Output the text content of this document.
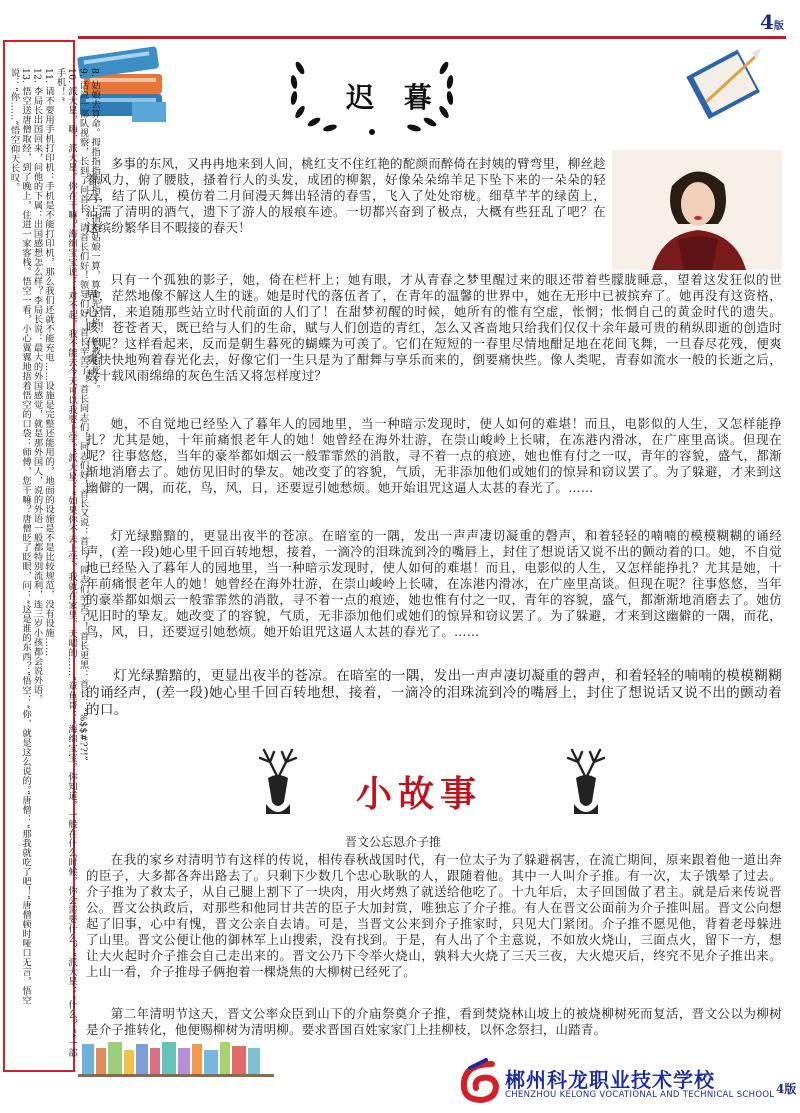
4版
迟 暮
8. 姑娘去算命。拇指指指拇指手。指指姑娘一算，算命先生掐，娘被掐死了。
9. 话说一部队视察，长到了问首长：请首长们好！领导们好！首长辛苦了！首长同志们！同志们好！首长又说：首长！同志们辛苦了！首长更黑：首长：“%$$#??!”
10. 派大星，嗨，派大星，你在干嘛？海绵宝宝说：“对不起，我不能去今天可以我要上学。”派大星：“如果你不去上学，我就在家里，天晴的……”章鱼哥：“海绵宝宝，你知道，一般在什么时候，你会需要什么？”派大星：“什么？”“一部手机！”
11. 请不要用手机打印机：手机是不能打印机，那么我们还就不能充电……设施是完整还能用的，地面的设施是不是比较规范，没有设施……
12. 李局长出国回来，问他的下属：出国感想怎么样？李局长说：最大的外国感觉，就是那外国人，说的外语一般都特别流利，连三岁小孩都会说外语。
13. 悟空送唐僧取经，到了晚上，住进一家客栈。悟空一看，小心翼翼地捂着悟空的口袋：师傅，您干嘛？唐僧眨了眨眼，问：“这是谁的东西？”悟空：“你，就是这么说的。”唐僧：“那我就吃了吧！”唐僧顿时哑口无言，悟空说：“你……”悟空仰天长叹。	多事的东风，又冉冉地来到人间，桃红支不住红艳的酡颜而醉倚在封姨的臂弯里，柳丝趁着风力，俯了腰肢，搔着行人的头发，成团的柳絮，好像朵朵绵羊足下坠下来的一朵朵的轻云，结了队儿，模仿着二月间漫天舞出轻清的春雪，飞入了处处帘栊。细草芊芊的绿茵上，沾濡了清明的酒气，遗下了游人的屐痕车迹。一切都兴奋到了极点，大概有些狂乱了吧？在这缤纷繁华目不暇接的春天！

只有一个孤独的影子，她，倚在栏杆上；她有眼，才从青春之梦里醒过来的眼还带着些朦胧睡意，望着这发狂似的世界，茫然地像不解这人生的谜。她是时代的落伍者了，在青年的温馨的世界中，她在无形中已被摈弃了。她再没有这资格，心情，来追随那些站立时代前面的人们了！在甜梦初醒的时候，她所有的惟有空虚，怅惘；怅惘自己的黄金时代的遗失。咳！苍苍者天，既已给与人们的生命，赋与人们创造的青红，怎么又吝啬地只给我们仅仅十余年最可贵的稍纵即逝的创造时代呢？这样看起来，反而是朝生暮死的蝴蝶为可羡了。它们在短短的一春里尽情地酣足地在花间飞舞，一旦春尽花残，便爽爽快快地殉着春光化去，好像它们一生只是为了酣舞与享乐而来的，倒要痛快些。像人类呢，青春如流水一般的长逝之后，数十载风雨绵绵的灰色生活又将怎样度过？

她，不自觉地已经坠入了暮年人的园地里，当一种暗示发现时，使人如何的难堪！而且，电影似的人生，又怎样能挣扎？尤其是她，十年前痛恨老年人的她！她曾经在海外壮游，在崇山峻岭上长啸，在冻港内滑冰，在广座里高谈。但现在呢？往事悠悠，当年的豪举都如烟云一般霏霏然的消散，寻不着一点的痕迹，她也惟有付之一叹，青年的容貌，盛气，都渐渐地消磨去了。她仿见旧时的挚友。她改变了的容貌，气质，无非添加他们或她们的惊异和窃议罢了。为了躲避，才来到这幽僻的一隅，而花，鸟，风，日，还要逗引她愁烦。她开始诅咒这逼人太甚的春光了。……

灯光绿黯黯的，更显出夜半的苍凉。在暗室的一隅，发出一声声凄切凝重的磬声，和着轻轻的喃喃的模模糊糊的诵经声，(差一段)她心里千回百转地想，接着，一滴冷的泪珠流到冷的嘴唇上，封住了想说话又说不出的颤动着的口。她，不自觉地已经坠入了暮年人的园地里，当一种暗示发现时，使人如何的难堪！而且，电影似的人生，又怎样能挣扎？尤其是她，十年前痛恨老年人的她！她曾经在海外壮游，在崇山峻岭上长啸，在冻港内滑冰，在广座里高谈。但现在呢？往事悠悠，当年的豪举都如烟云一般霏霏然的消散，寻不着一点的痕迹，她也惟有付之一叹，青年的容貌，盛气，都渐渐地消磨去了。她仿见旧时的挚友。她改变了的容貌，气质，无非添加他们或她们的惊异和窃议罢了。为了躲避，才来到这幽僻的一隅，而花，鸟，风，日，还要逗引她愁烦。她开始诅咒这逼人太甚的春光了。……

灯光绿黯黯的，更显出夜半的苍凉。在暗室的一隅，发出一声声凄切凝重的磬声，和着轻轻的喃喃的模模糊糊的诵经声，(差一段)她心里千回百转地想，接着，一滴冷的泪珠流到冷的嘴唇上，封住了想说话又说不出的颤动着的口。

小故事
晋文公忘恩介子推

在我的家乡对清明节有这样的传说，相传春秋战国时代，有一位太子为了躲避祸害，在流亡期间，原来跟着他一道出奔的臣子，大多都各奔出路去了。只剩下少数几个忠心耿耿的人，跟随着他。其中一人叫介子推。有一次，太子饿晕了过去。介子推为了救太子，从自己腿上割下了一块肉，用火烤熟了就送给他吃了。十九年后，太子回国做了君主。就是后来传说晋公。晋文公执政后，对那些和他同甘共苦的臣子大加封赏，唯独忘了介子推。有人在晋文公面前为介子推叫屈。晋文公向想起了旧事，心中有愧，晋文公亲自去请。可是，当晋文公来到介子推家时，只见大门紧闭。介子推不愿见他，背着老母躲进了山里。晋文公便让他的御林军上山搜索，没有找到。于是，有人出了个主意说，不如放火烧山，三面点火，留下一方，想让大火起时介子推会自己走出来的。晋文公乃下令举火烧山，孰料大火烧了三天三夜，大火熄灭后，终究不见介子推出来。上山一看，介子推母子俩抱着一棵烧焦的大柳树已经死了。

第二年清明节这天，晋文公率众臣到山下的介庙祭奠介子推，看到焚烧林山坡上的被烧柳树死而复活，晋文公以为柳树是介子推转化，他便赐柳树为清明柳。要求晋国百姓家家门上挂柳枝，以怀念祭扫，山踏青。

郴州科龙职业技术学校
CHENZHOU KELONG VOCATIONAL AND TECHNICAL SCHOOL 4版
